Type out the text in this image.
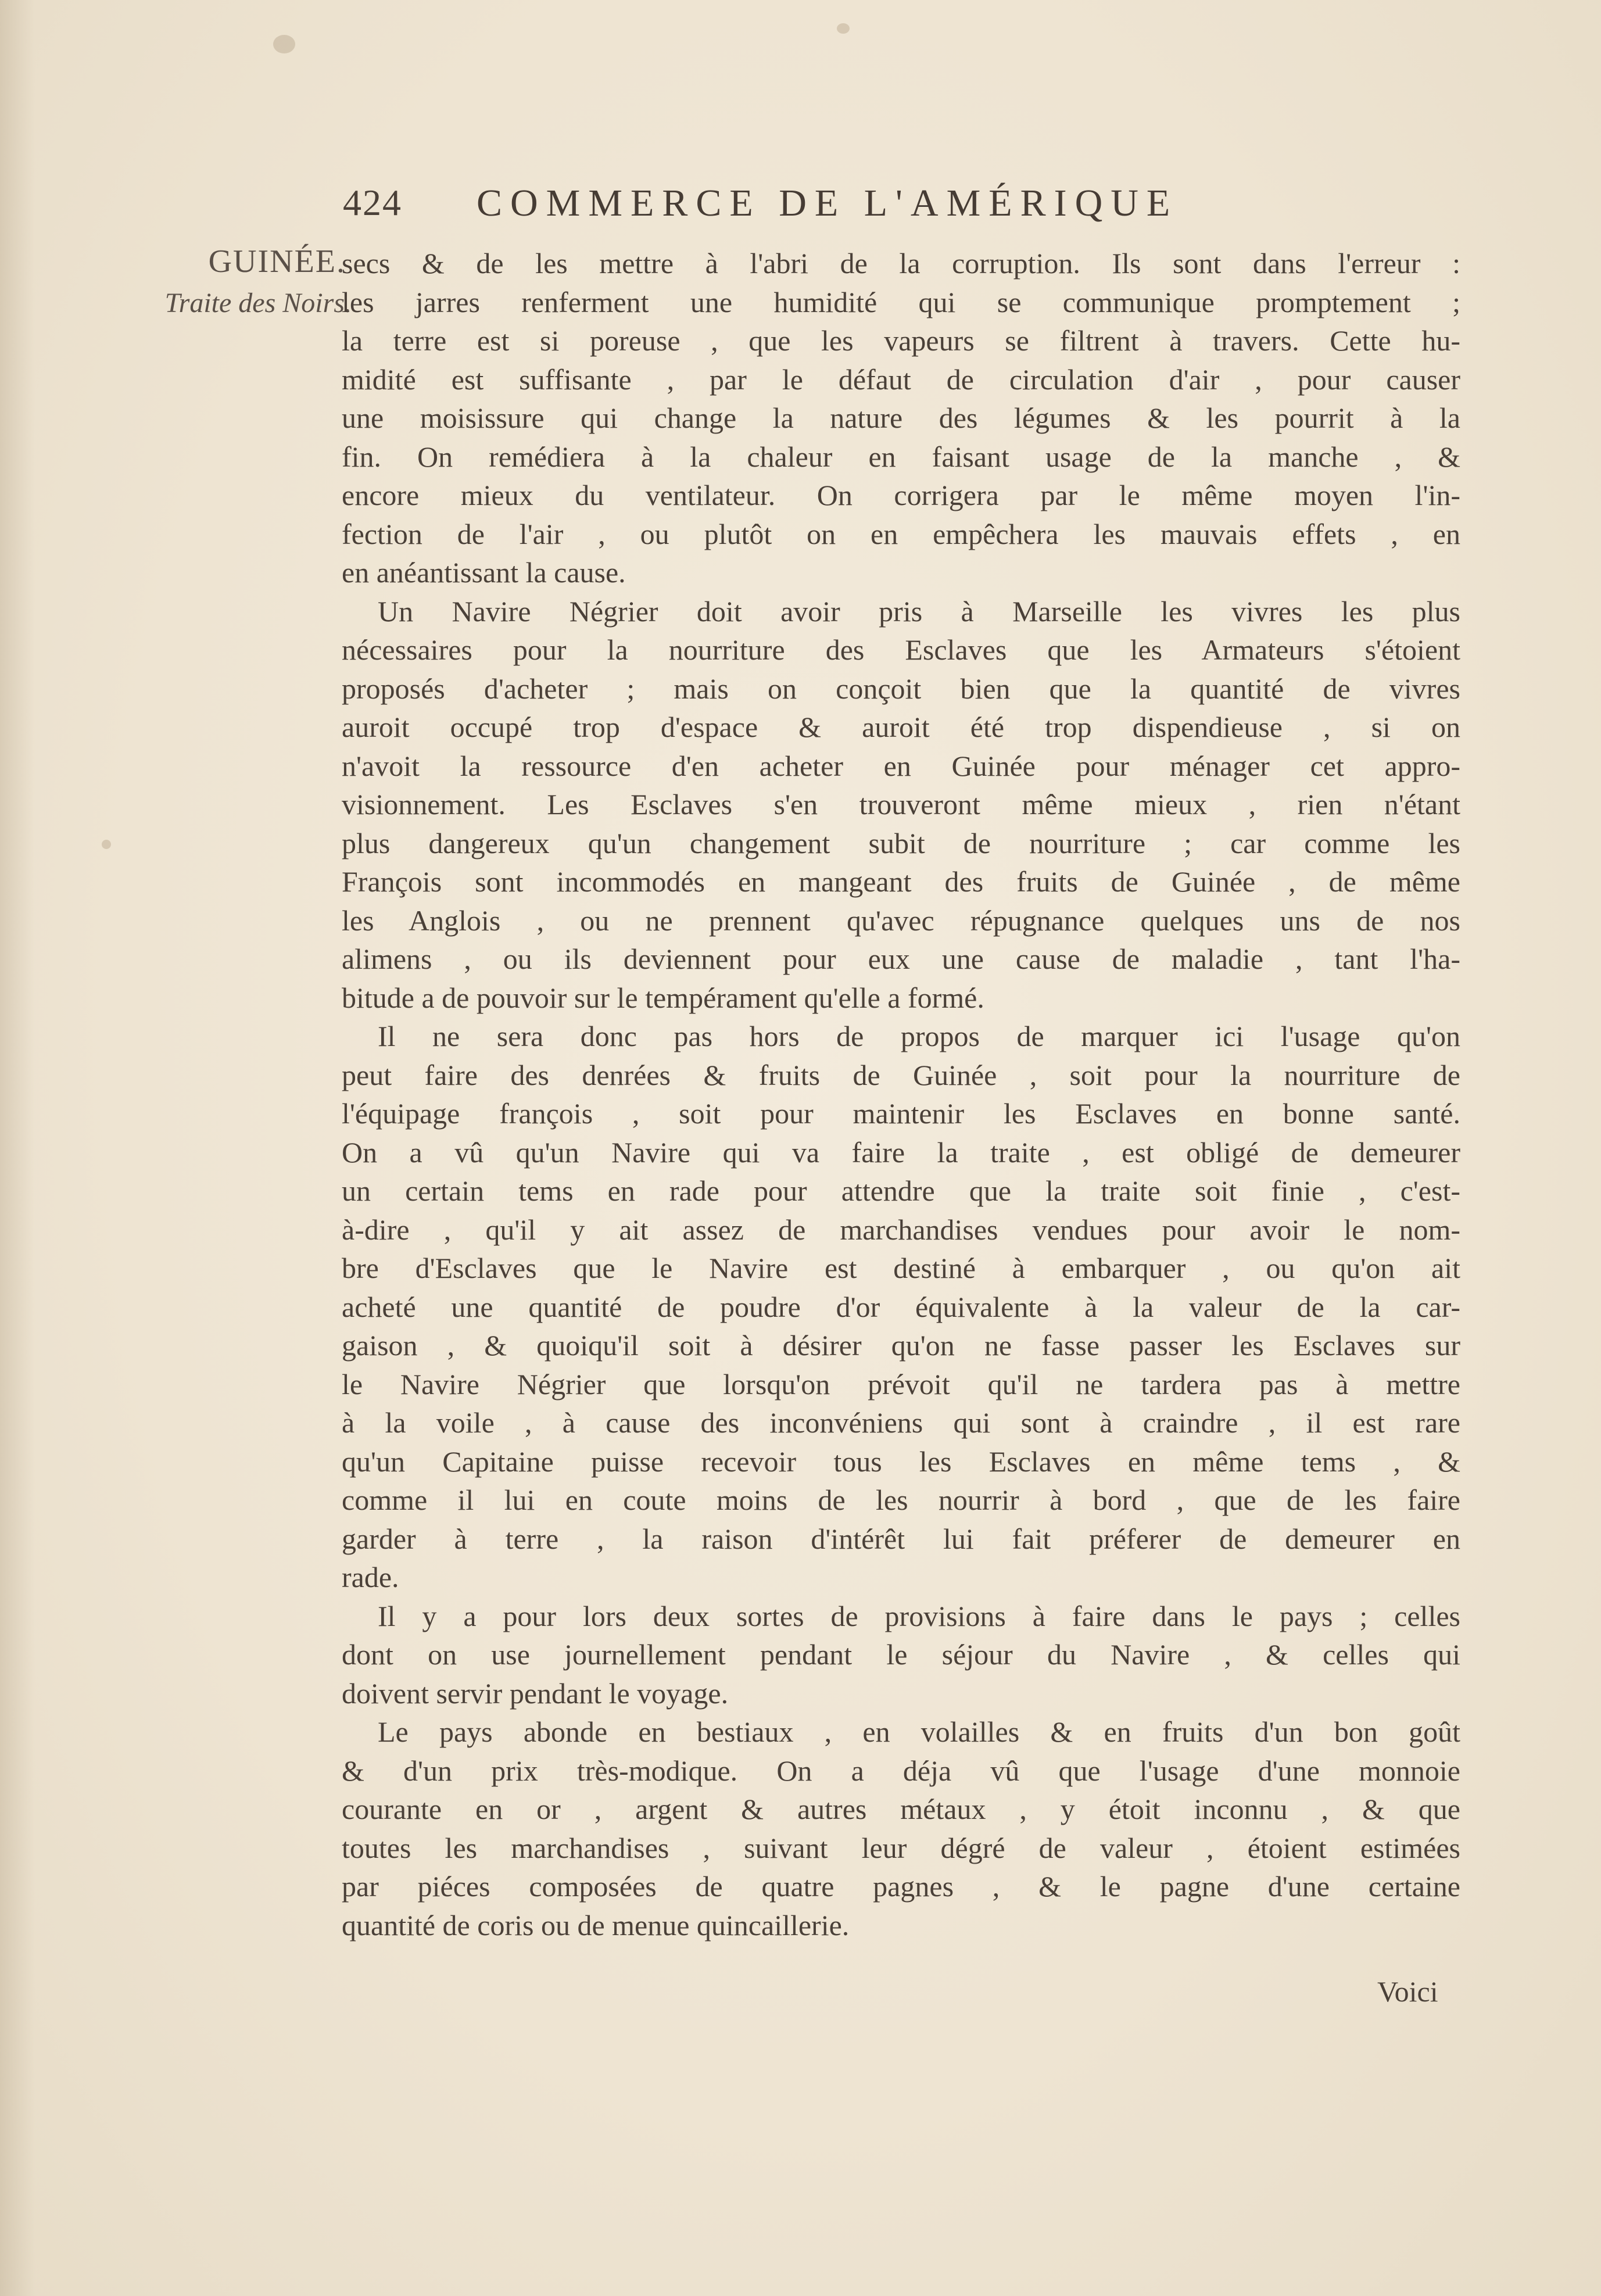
424 COMMERCE DE L'AMÉRIQUE
GUINÉE.
Traite des Noirs.
secs & de les mettre à l'abri de la corruption. Ils sont dans l'erreur :
les jarres renferment une humidité qui se communique promptement ;
la terre est si poreuse , que les vapeurs se filtrent à travers. Cette hu-
midité est suffisante , par le défaut de circulation d'air , pour causer
une moisissure qui change la nature des légumes & les pourrit à la
fin. On remédiera à la chaleur en faisant usage de la manche , &
encore mieux du ventilateur. On corrigera par le même moyen l'in-
fection de l'air , ou plutôt on en empêchera les mauvais effets , en
en anéantissant la cause.
Un Navire Négrier doit avoir pris à Marseille les vivres les plus
nécessaires pour la nourriture des Esclaves que les Armateurs s'étoient
proposés d'acheter ; mais on conçoit bien que la quantité de vivres
auroit occupé trop d'espace & auroit été trop dispendieuse , si on
n'avoit la ressource d'en acheter en Guinée pour ménager cet appro-
visionnement. Les Esclaves s'en trouveront même mieux , rien n'étant
plus dangereux qu'un changement subit de nourriture ; car comme les
François sont incommodés en mangeant des fruits de Guinée , de même
les Anglois , ou ne prennent qu'avec répugnance quelques uns de nos
alimens , ou ils deviennent pour eux une cause de maladie , tant l'ha-
bitude a de pouvoir sur le tempérament qu'elle a formé.
Il ne sera donc pas hors de propos de marquer ici l'usage qu'on
peut faire des denrées & fruits de Guinée , soit pour la nourriture de
l'équipage françois , soit pour maintenir les Esclaves en bonne santé.
On a vû qu'un Navire qui va faire la traite , est obligé de demeurer
un certain tems en rade pour attendre que la traite soit finie , c'est-
à-dire , qu'il y ait assez de marchandises vendues pour avoir le nom-
bre d'Esclaves que le Navire est destiné à embarquer , ou qu'on ait
acheté une quantité de poudre d'or équivalente à la valeur de la car-
gaison , & quoiqu'il soit à désirer qu'on ne fasse passer les Esclaves sur
le Navire Négrier que lorsqu'on prévoit qu'il ne tardera pas à mettre
à la voile , à cause des inconvéniens qui sont à craindre , il est rare
qu'un Capitaine puisse recevoir tous les Esclaves en même tems , &
comme il lui en coute moins de les nourrir à bord , que de les faire
garder à terre , la raison d'intérêt lui fait préferer de demeurer en
rade.
Il y a pour lors deux sortes de provisions à faire dans le pays ; celles
dont on use journellement pendant le séjour du Navire , & celles qui
doivent servir pendant le voyage.
Le pays abonde en bestiaux , en volailles & en fruits d'un bon goût
& d'un prix très-modique. On a déja vû que l'usage d'une monnoie
courante en or , argent & autres métaux , y étoit inconnu , & que
toutes les marchandises , suivant leur dégré de valeur , étoient estimées
par piéces composées de quatre pagnes , & le pagne d'une certaine
quantité de coris ou de menue quincaillerie.
Voici
